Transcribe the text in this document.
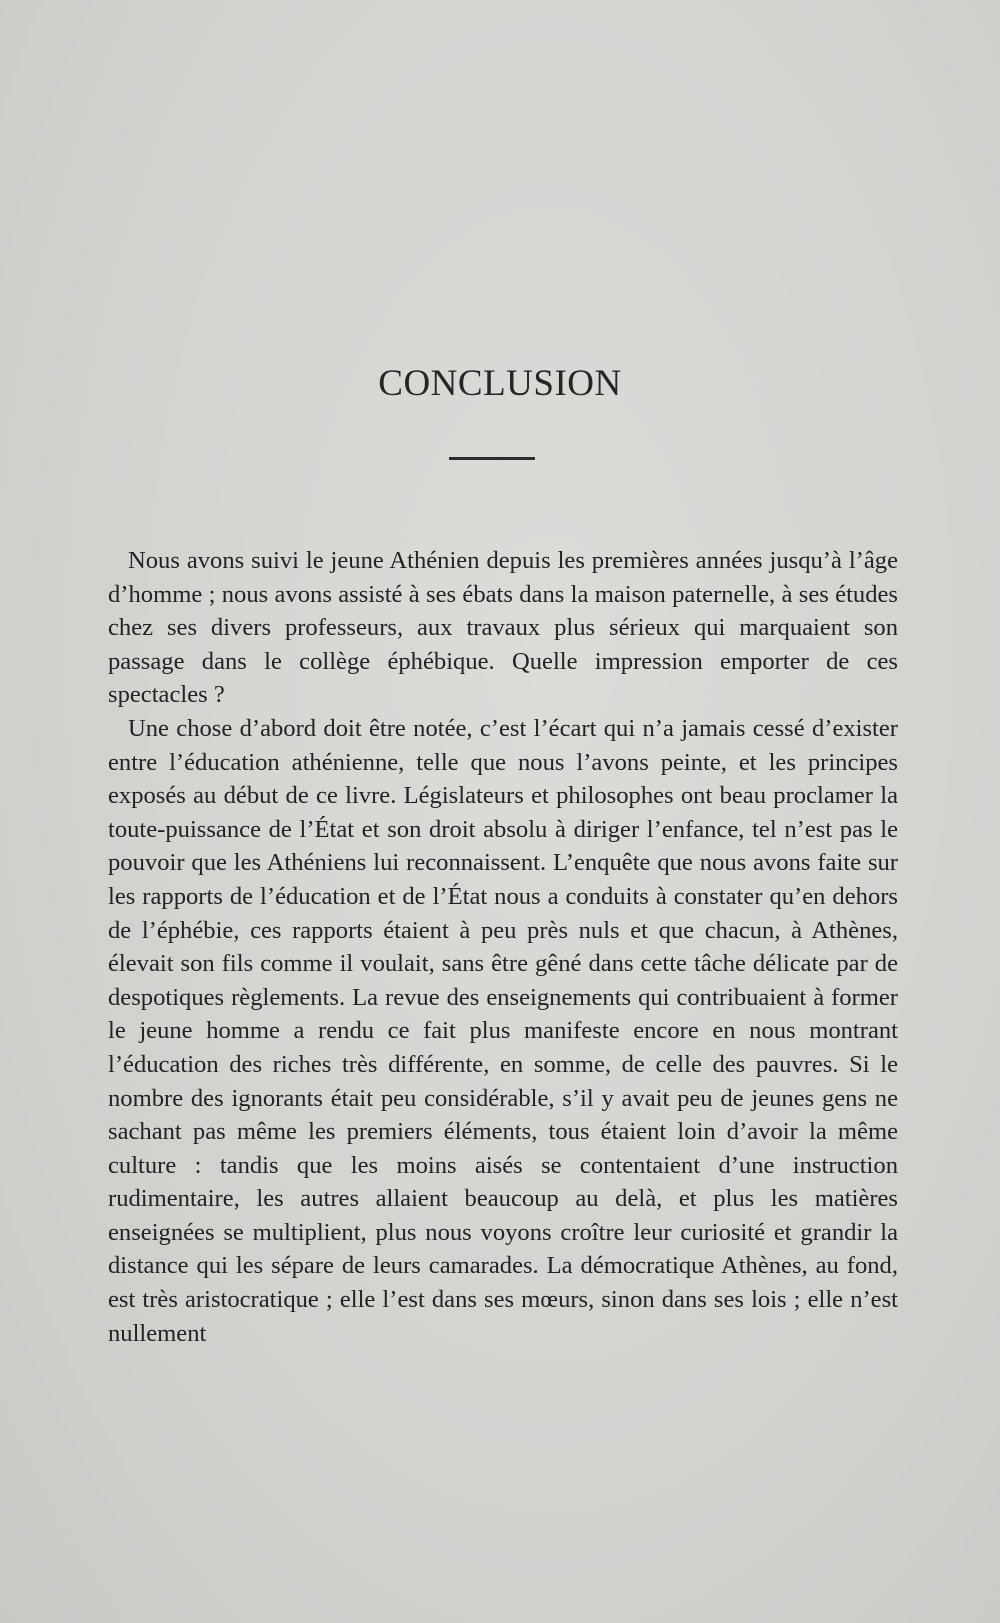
CONCLUSION

Nous avons suivi le jeune Athénien depuis les premières années jusqu’à l’âge d’homme ; nous avons assisté à ses ébats dans la maison paternelle, à ses études chez ses divers professeurs, aux travaux plus sérieux qui marquaient son passage dans le collège éphébique. Quelle impression emporter de ces spectacles ?

Une chose d’abord doit être notée, c’est l’écart qui n’a jamais cessé d’exister entre l’éducation athénienne, telle que nous l’avons peinte, et les principes exposés au début de ce livre. Législateurs et philosophes ont beau proclamer la toute-puissance de l’État et son droit absolu à diriger l’enfance, tel n’est pas le pouvoir que les Athéniens lui reconnaissent. L’enquête que nous avons faite sur les rapports de l’éducation et de l’État nous a conduits à constater qu’en dehors de l’éphébie, ces rapports étaient à peu près nuls et que chacun, à Athènes, élevait son fils comme il voulait, sans être gêné dans cette tâche délicate par de despotiques règlements. La revue des enseignements qui contribuaient à former le jeune homme a rendu ce fait plus manifeste encore en nous montrant l’éducation des riches très différente, en somme, de celle des pauvres. Si le nombre des ignorants était peu considérable, s’il y avait peu de jeunes gens ne sachant pas même les premiers éléments, tous étaient loin d’avoir la même culture : tandis que les moins aisés se contentaient d’une instruction rudimentaire, les autres allaient beaucoup au delà, et plus les matières enseignées se multiplient, plus nous voyons croître leur curiosité et grandir la distance qui les sépare de leurs camarades. La démocratique Athènes, au fond, est très aristocratique ; elle l’est dans ses mœurs, sinon dans ses lois ; elle n’est nullement
